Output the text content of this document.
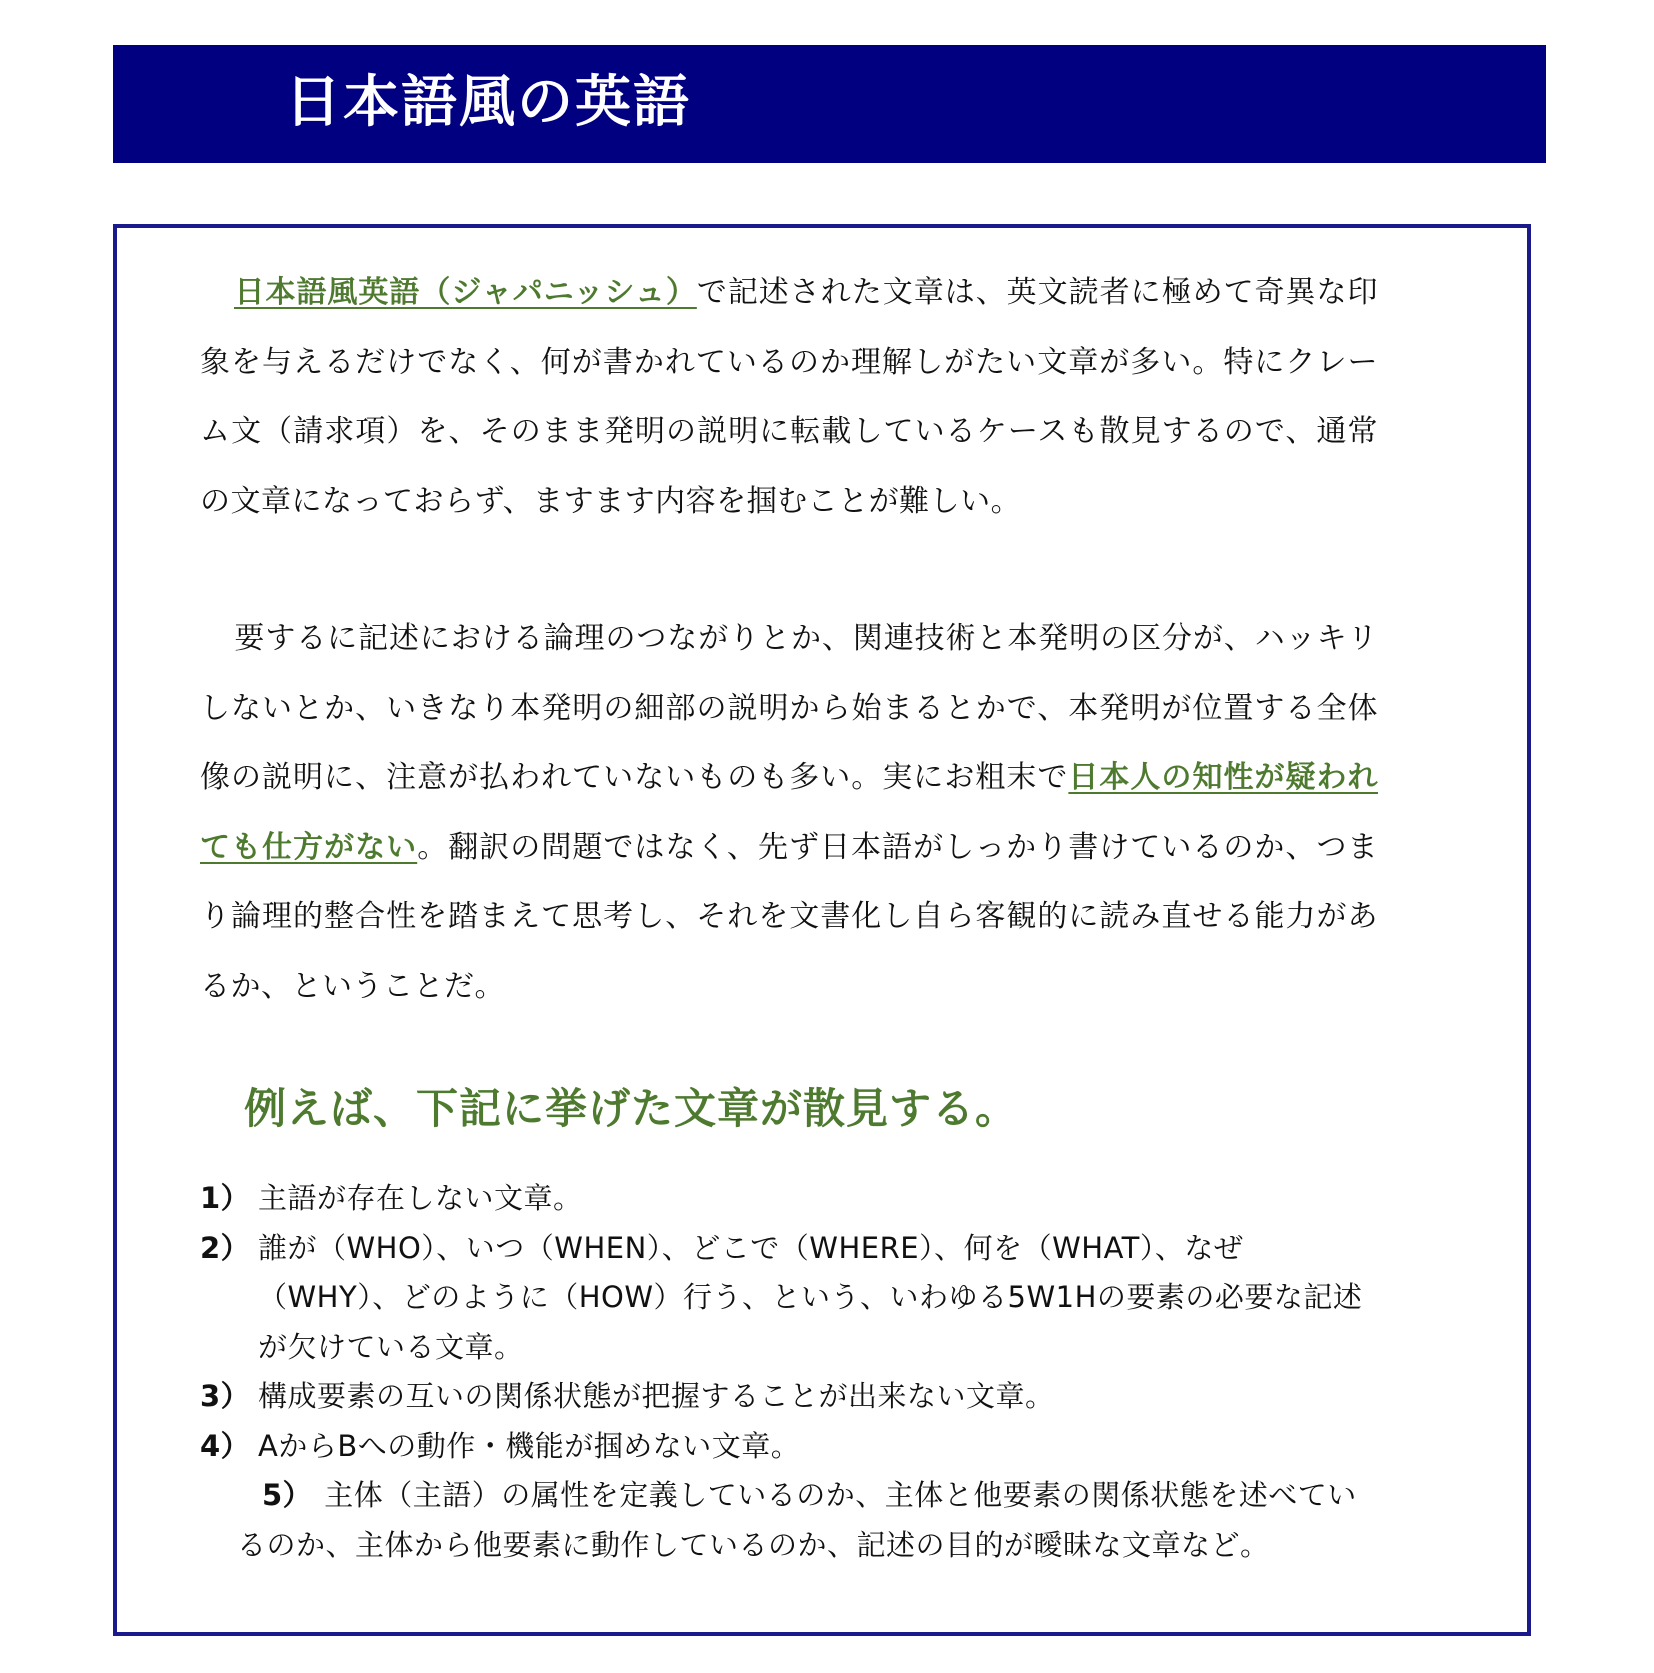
日本語風の英語

日本語風英語（ジャパニッシュ）で記述された文章は、英文読者に極めて奇異な印象を与えるだけでなく、何が書かれているのか理解しがたい文章が多い。特にクレーム文（請求項）を、そのまま発明の説明に転載しているケースも散見するので、通常の文章になっておらず、ますます内容を掴むことが難しい。

要するに記述における論理のつながりとか、関連技術と本発明の区分が、ハッキリしないとか、いきなり本発明の細部の説明から始まるとかで、本発明が位置する全体像の説明に、注意が払われていないものも多い。実にお粗末で日本人の知性が疑われても仕方がない。翻訳の問題ではなく、先ず日本語がしっかり書けているのか、つまり論理的整合性を踏まえて思考し、それを文書化し自ら客観的に読み直せる能力があるか、ということだ。

例えば、下記に挙げた文章が散見する。
1） 主語が存在しない文章。
2） 誰が（WHO）、いつ（WHEN）、どこで（WHERE）、何を（WHAT）、なぜ（WHY）、どのように（HOW）行う、という、いわゆる5W1Hの要素の必要な記述が欠けている文章。
3） 構成要素の互いの関係状態が把握することが出来ない文章。
4） AからBへの動作・機能が掴めない文章。
5） 主体（主語）の属性を定義しているのか、主体と他要素の関係状態を述べているのか、主体から他要素に動作しているのか、記述の目的が曖昧な文章など。
